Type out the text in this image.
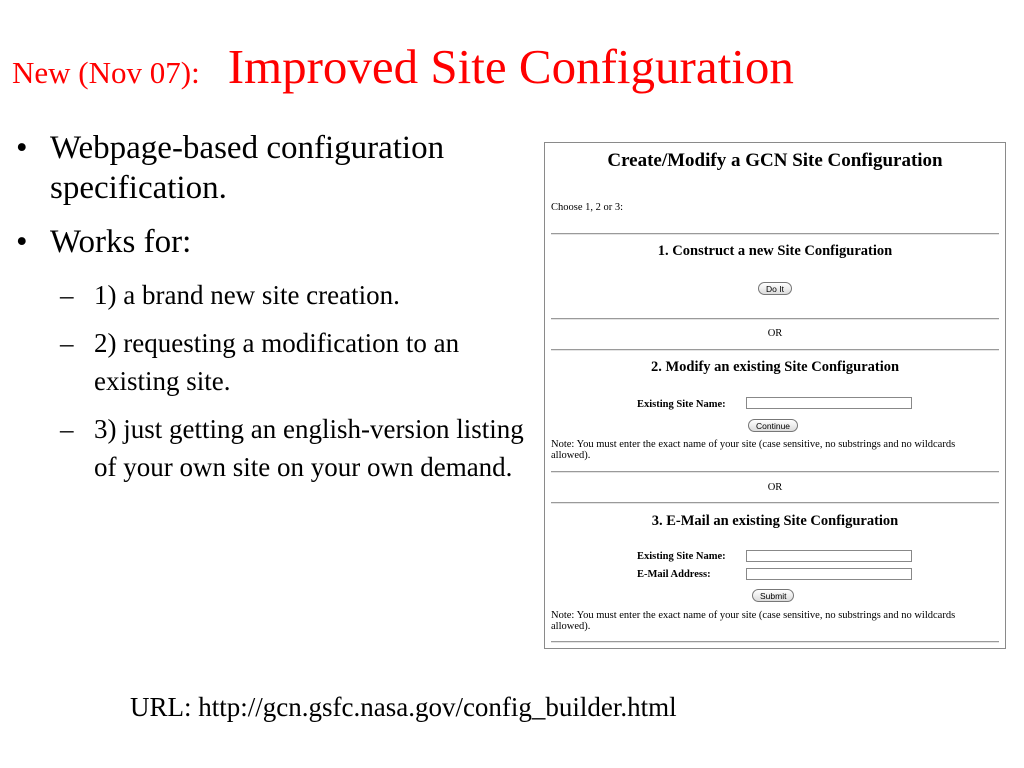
New (Nov 07): Improved Site Configuration
• Webpage-based configuration specification.
• Works for:
– 1) a brand new site creation.
– 2) requesting a modification to an existing site.
– 3) just getting an english-version listing of your own site on your own demand.
Create/Modify a GCN Site Configuration
Choose 1, 2 or 3:
1. Construct a new Site Configuration
Do It
OR
2. Modify an existing Site Configuration
Existing Site Name:
Continue
Note: You must enter the exact name of your site (case sensitive, no substrings and no wildcards allowed).
OR
3. E-Mail an existing Site Configuration
Existing Site Name:
E-Mail Address:
Submit
Note: You must enter the exact name of your site (case sensitive, no substrings and no wildcards allowed).
URL: http://gcn.gsfc.nasa.gov/config_builder.html
